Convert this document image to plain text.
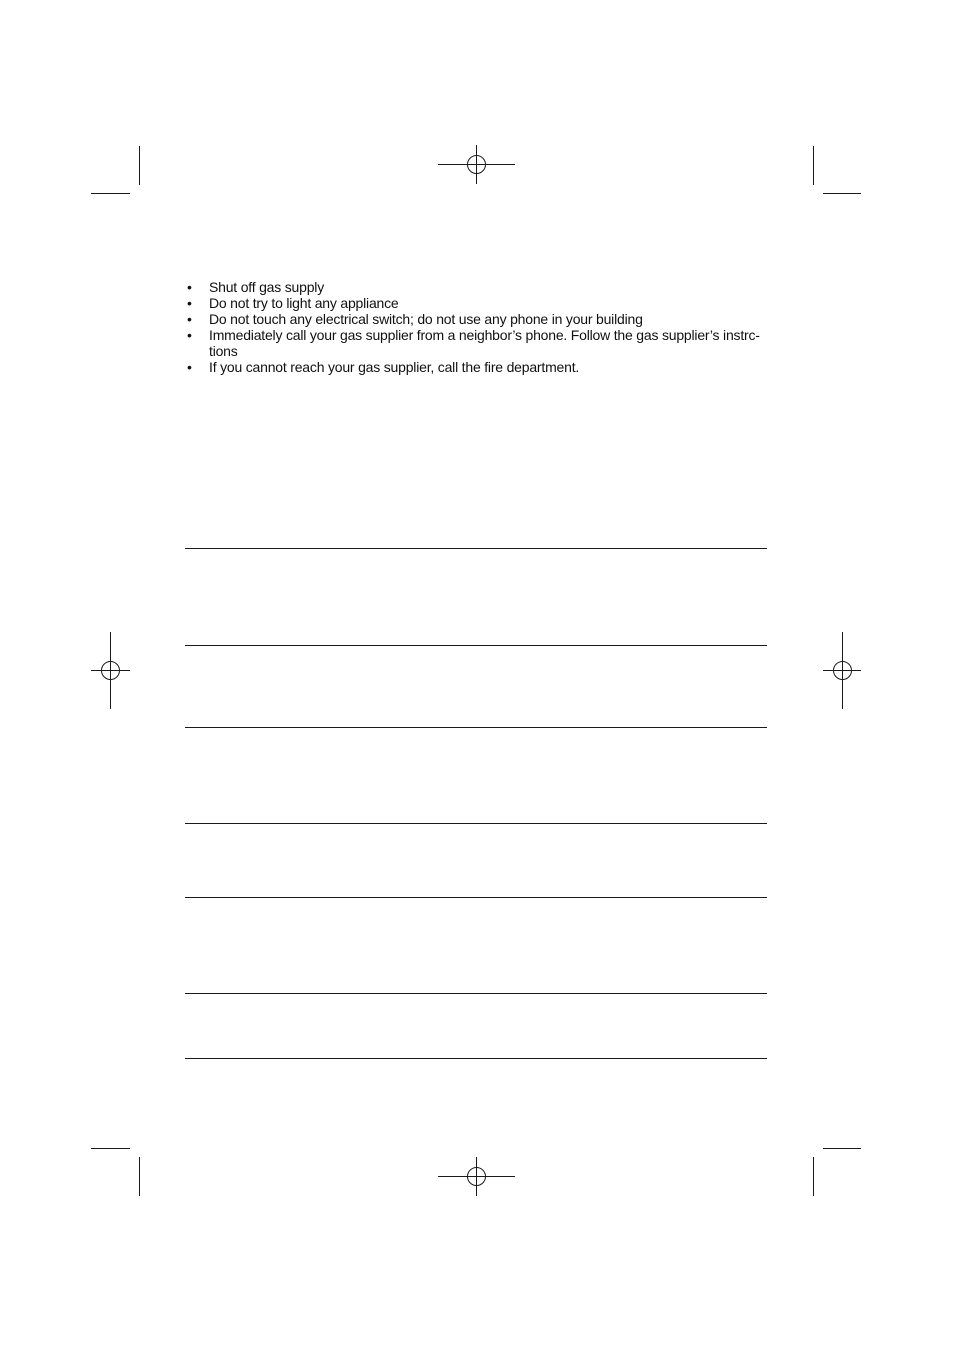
•	Shut off gas supply
•	Do not try to light any appliance
•	Do not touch any electrical switch; do not use any phone in your building
•	Immediately call your gas supplier from a neighbor’s phone. Follow the gas supplier’s instrc-
tions
•	If you cannot reach your gas supplier, call the fire department.
